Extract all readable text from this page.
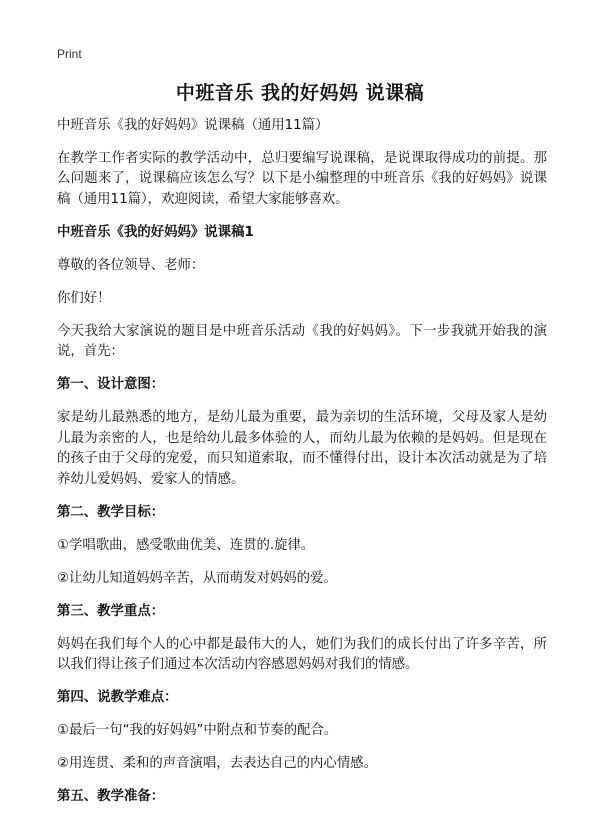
Print
中班音乐 我的好妈妈 说课稿

中班音乐《我的好妈妈》说课稿（通用11篇）

在教学工作者实际的教学活动中，总归要编写说课稿，是说课取得成功的前提。那么问题来了，说课稿应该怎么写？以下是小编整理的中班音乐《我的好妈妈》说课稿（通用11篇），欢迎阅读，希望大家能够喜欢。

中班音乐《我的好妈妈》说课稿1

尊敬的各位领导、老师：

你们好！

今天我给大家演说的题目是中班音乐活动《我的好妈妈》。下一步我就开始我的演说，首先：

第一、设计意图：

家是幼儿最熟悉的地方，是幼儿最为重要，最为亲切的生活环境，父母及家人是幼儿最为亲密的人，也是给幼儿最多体验的人，而幼儿最为依赖的是妈妈。但是现在的孩子由于父母的宠爱，而只知道索取，而不懂得付出，设计本次活动就是为了培养幼儿爱妈妈、爱家人的情感。

第二、教学目标：

①学唱歌曲，感受歌曲优美、连贯的.旋律。

②让幼儿知道妈妈辛苦，从而萌发对妈妈的爱。

第三、教学重点：

妈妈在我们每个人的心中都是最伟大的人，她们为我们的成长付出了许多辛苦，所以我们得让孩子们通过本次活动内容感恩妈妈对我们的情感。

第四、说教学难点：

①最后一句“我的好妈妈”中附点和节奏的配合。

②用连贯、柔和的声音演唱，去表达自己的内心情感。

第五、教学准备：
